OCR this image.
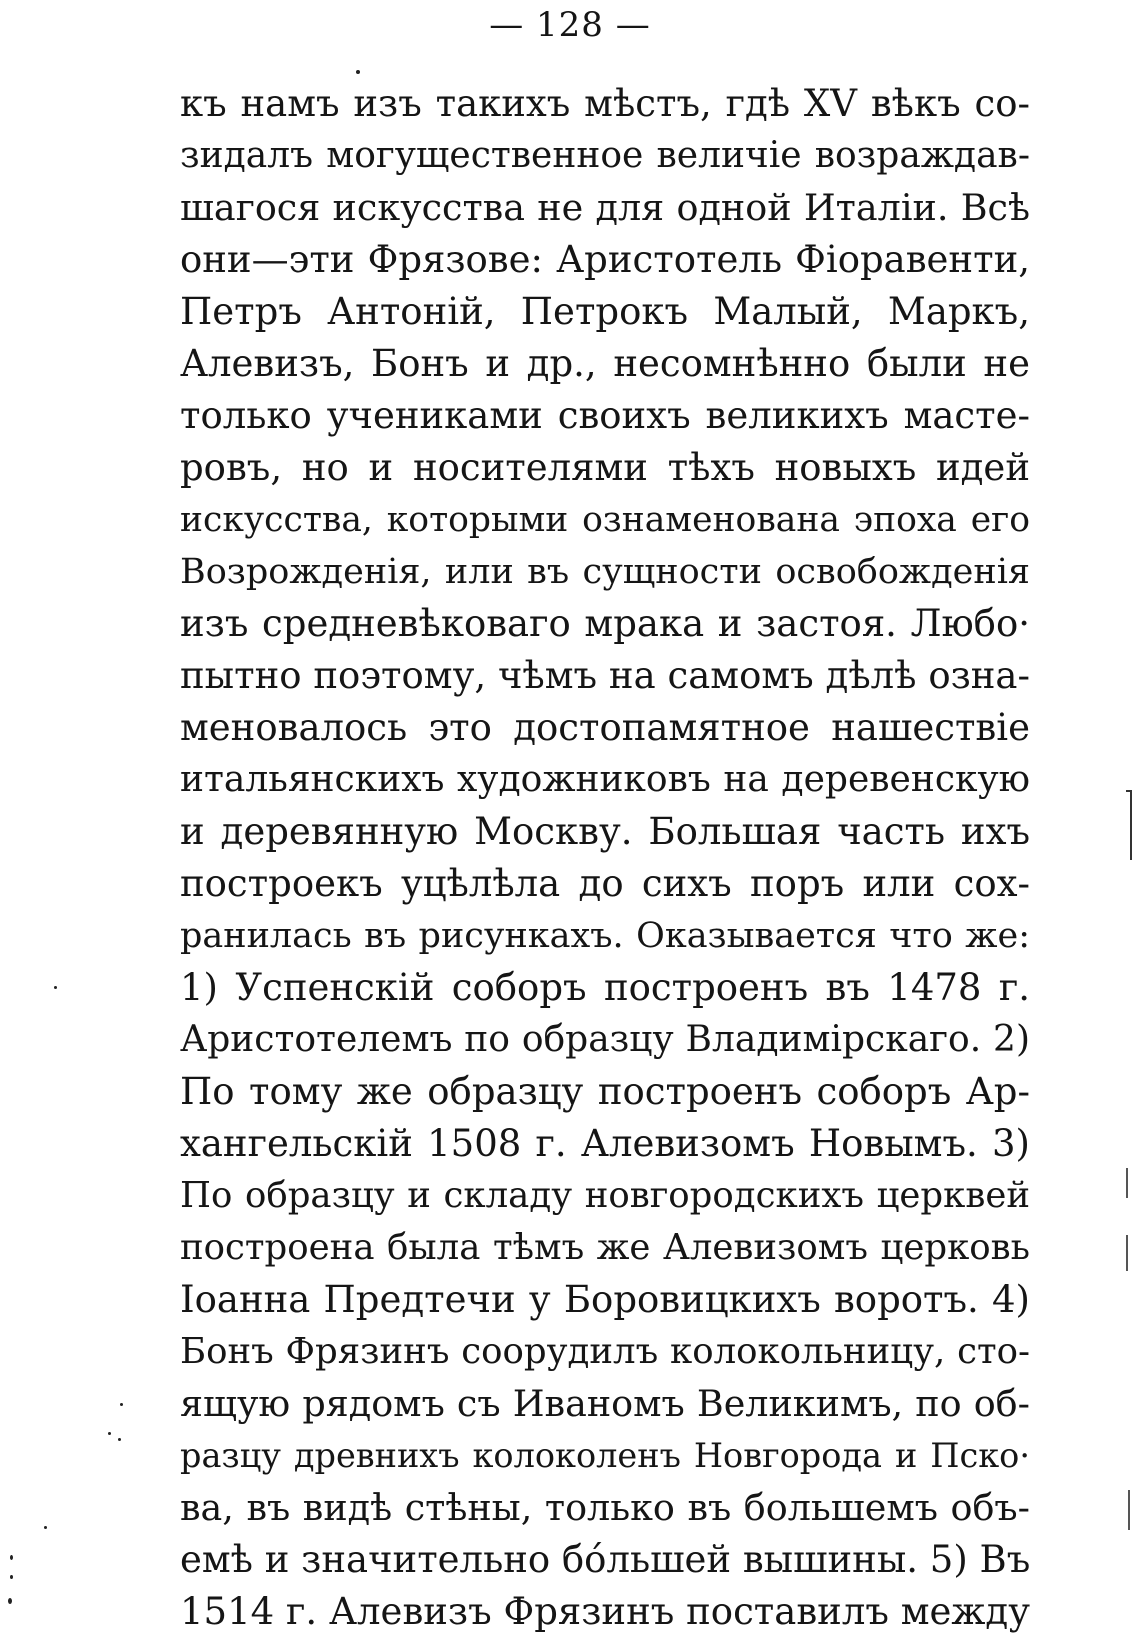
— 128 —
къ намъ изъ такихъ мѣстъ, гдѣ XV вѣкъ со-
зидалъ могущественное величіе возраждав-
шагося искусства не для одной Италіи. Всѣ
они—эти Фрязове: Аристотель Фіоравенти,
Петръ Антоній, Петрокъ Малый, Маркъ,
Алевизъ, Бонъ и др., несомнѣнно были не
только учениками своихъ великихъ масте-
ровъ, но и носителями тѣхъ новыхъ идей
искусства, которыми ознаменована эпоха его
Возрожденія, или въ сущности освобожденія
изъ средневѣковаго мрака и застоя. Любо·
пытно поэтому, чѣмъ на самомъ дѣлѣ озна-
меновалось это достопамятное нашествіе
итальянскихъ художниковъ на деревенскую
и деревянную Москву. Большая часть ихъ
построекъ уцѣлѣла до сихъ поръ или сох-
ранилась въ рисункахъ. Оказывается что же:
1) Успенскій соборъ построенъ въ 1478 г.
Аристотелемъ по образцу Владимірскаго. 2)
По тому же образцу построенъ соборъ Ар-
хангельскій 1508 г. Алевизомъ Новымъ. 3)
По образцу и складу новгородскихъ церквей
построена была тѣмъ же Алевизомъ церковь
Іоанна Предтечи у Боровицкихъ воротъ. 4)
Бонъ Фрязинъ соорудилъ колокольницу, сто-
ящую рядомъ съ Иваномъ Великимъ, по об-
разцу древнихъ колоколенъ Новгорода и Пско·
ва, въ видѣ стѣны, только въ большемъ объ-
емѣ и значительно бо́льшей вышины. 5) Въ
1514 г. Алевизъ Фрязинъ поставилъ между
